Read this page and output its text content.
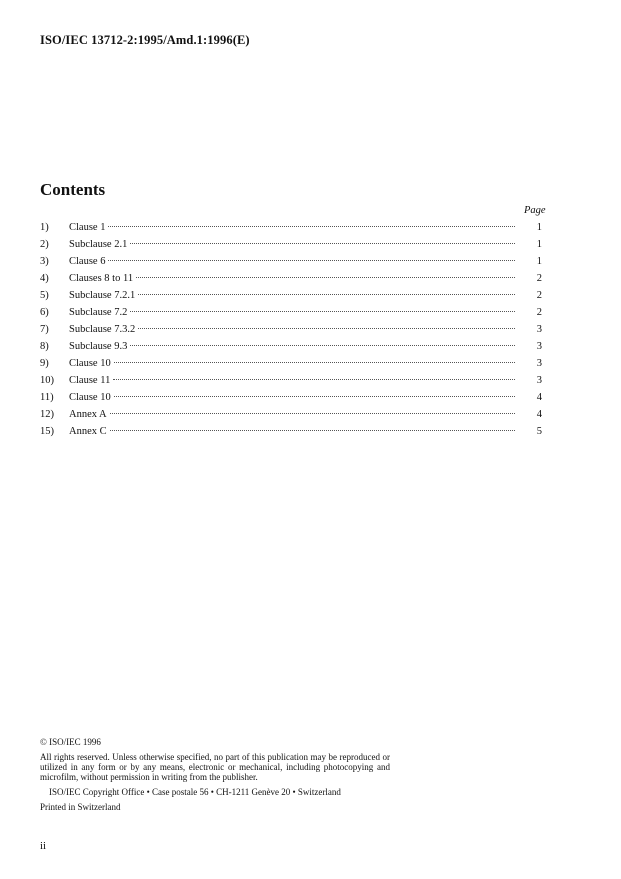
ISO/IEC 13712-2:1995/Amd.1:1996(E)
Contents
Page
1)	Clause 1	1
2)	Subclause 2.1	1
3)	Clause 6	1
4)	Clauses 8 to 11	2
5)	Subclause 7.2.1	2
6)	Subclause 7.2	2
7)	Subclause 7.3.2	3
8)	Subclause 9.3	3
9)	Clause 10	3
10)	Clause 11	3
11)	Clause 10	4
12)	Annex A	4
15)	Annex C	5
© ISO/IEC 1996
All rights reserved. Unless otherwise specified, no part of this publication may be reproduced or utilized in any form or by any means, electronic or mechanical, including photocopying and microfilm, without permission in writing from the publisher.
ISO/IEC Copyright Office • Case postale 56 • CH-1211 Genève 20 • Switzerland
Printed in Switzerland
ii
